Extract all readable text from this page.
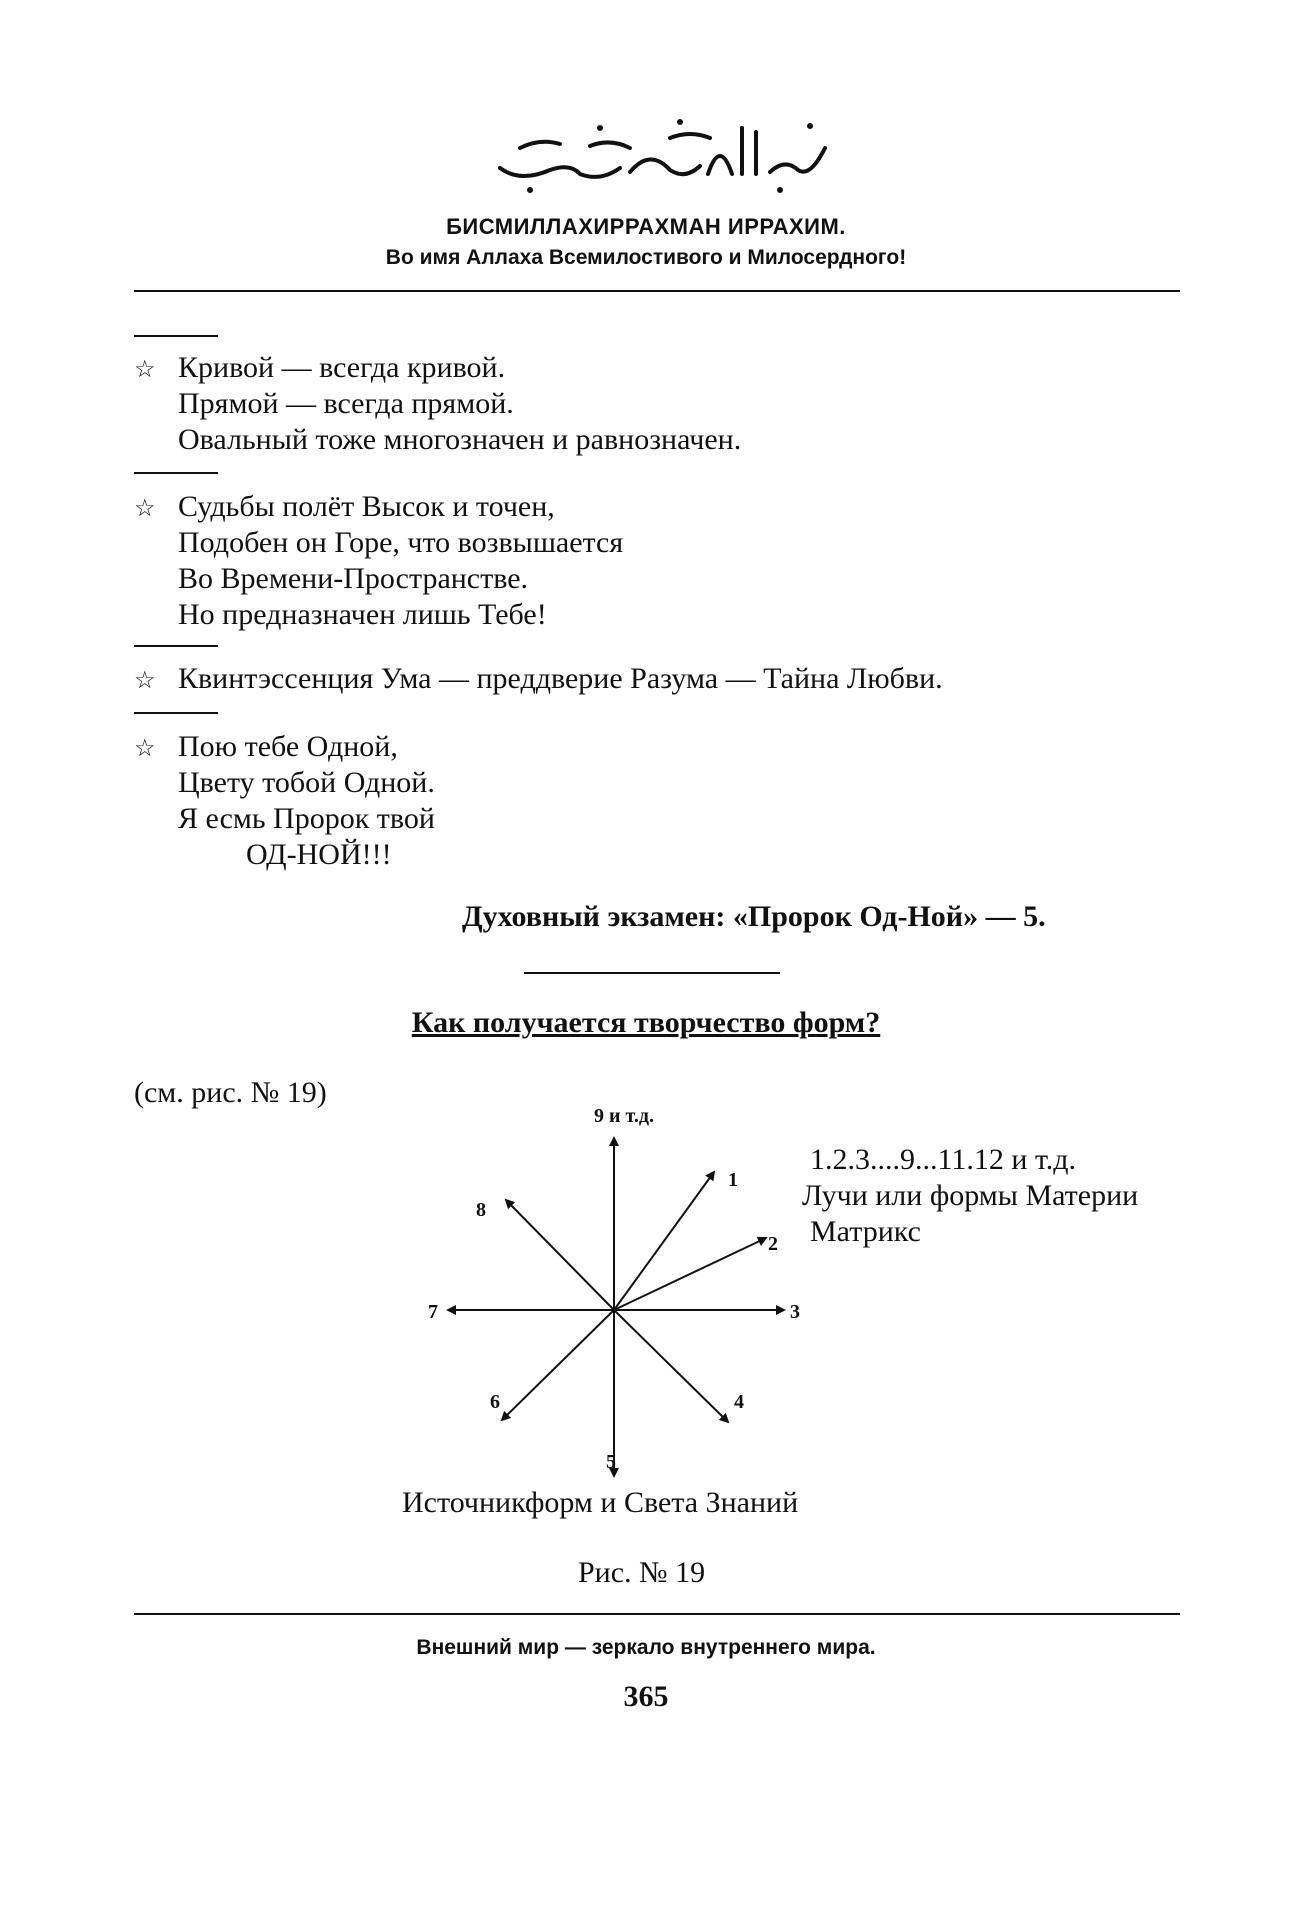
БИСМИЛЛАХИРРАХМАН ИРРАХИМ.
Во имя Аллаха Всемилостивого и Милосердного!
☆ Кривой — всегда кривой.
Прямой — всегда прямой.
Овальный тоже многозначен и равнозначен.
☆ Судьбы полёт Высок и точен,
Подобен он Горе, что возвышается
Во Времени-Пространстве.
Но предназначен лишь Тебе!
☆ Квинтэссенция Ума — преддверие Разума — Тайна Любви.
☆ Пою тебе Одной,
Цвету тобой Одной.
Я есмь Пророк твой
ОД-НОЙ!!!
Духовный экзамен: «Пророк Од-Ной» — 5.
Как получается творчество форм?
(см. рис. № 19)
9 и т.д.
1
2
3
4
5
6
7
8
1.2.3....9...11.12 и т.д.
Лучи или формы Материи
Матрикс
Источникформ и Света Знаний
Рис. № 19
Внешний мир — зеркало внутреннего мира.
365
